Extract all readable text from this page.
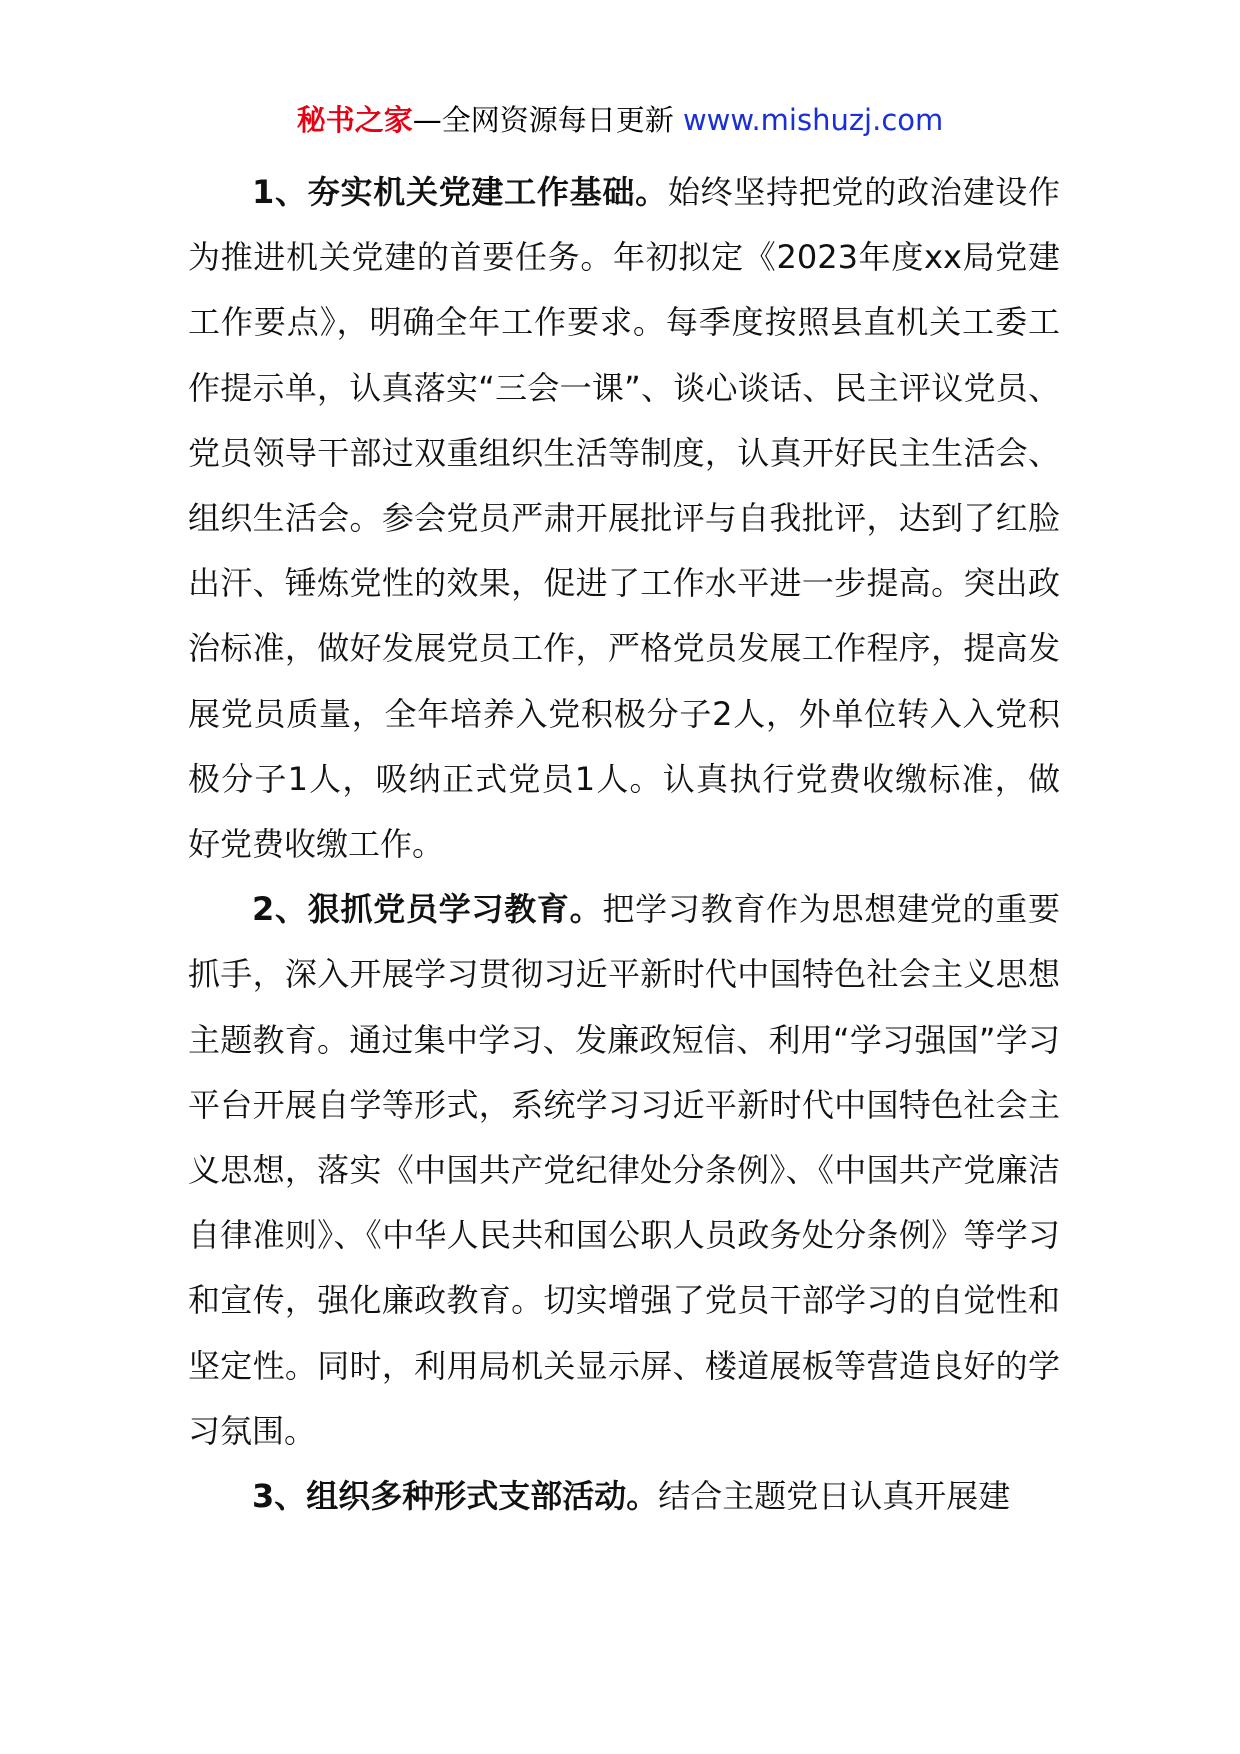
秘书之家—全网资源每日更新 www.mishuzj.com

1、夯实机关党建工作基础。始终坚持把党的政治建设作为推进机关党建的首要任务。年初拟定《2023年度xx局党建工作要点》，明确全年工作要求。每季度按照县直机关工委工作提示单，认真落实“三会一课”、谈心谈话、民主评议党员、党员领导干部过双重组织生活等制度，认真开好民主生活会、组织生活会。参会党员严肃开展批评与自我批评，达到了红脸出汗、锤炼党性的效果，促进了工作水平进一步提高。突出政治标准，做好发展党员工作，严格党员发展工作程序，提高发展党员质量，全年培养入党积极分子2人，外单位转入入党积极分子1人，吸纳正式党员1人。认真执行党费收缴标准，做好党费收缴工作。

2、狠抓党员学习教育。把学习教育作为思想建党的重要抓手，深入开展学习贯彻习近平新时代中国特色社会主义思想主题教育。通过集中学习、发廉政短信、利用“学习强国”学习平台开展自学等形式，系统学习习近平新时代中国特色社会主义思想，落实《中国共产党纪律处分条例》、《中国共产党廉洁自律准则》、《中华人民共和国公职人员政务处分条例》等学习和宣传，强化廉政教育。切实增强了党员干部学习的自觉性和坚定性。同时，利用局机关显示屏、楼道展板等营造良好的学习氛围。

3、组织多种形式支部活动。结合主题党日认真开展建
